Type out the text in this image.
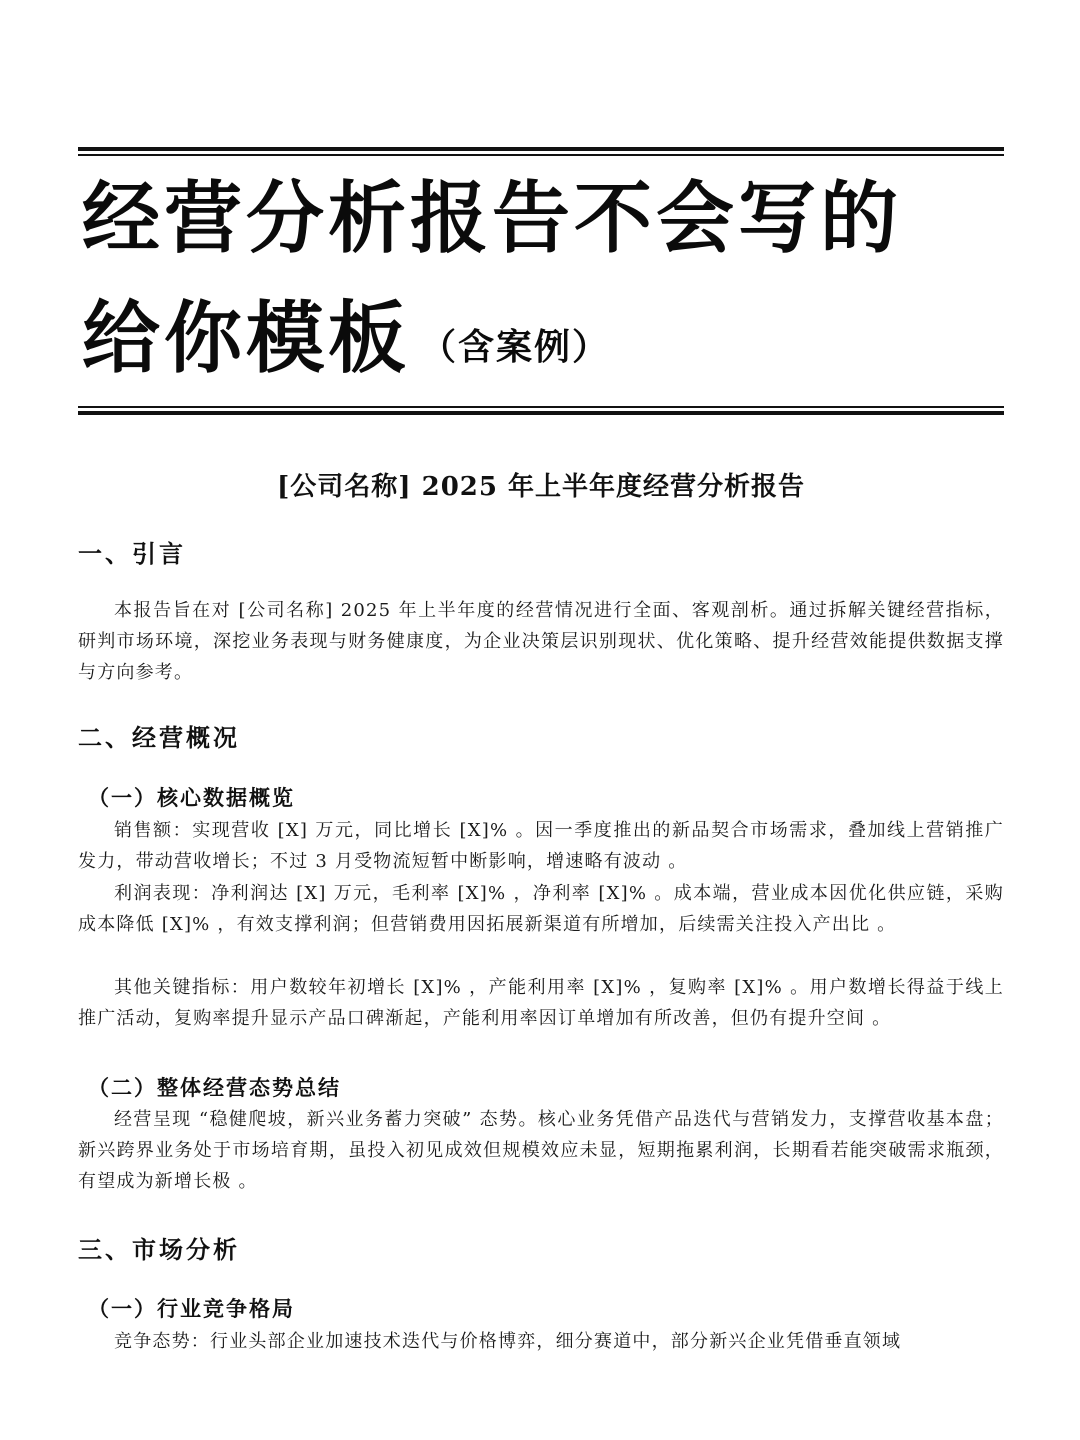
经营分析报告不会写的
给你模板 （含案例）
[公司名称] 2025 年上半年度经营分析报告
一、引言
本报告旨在对 [公司名称] 2025 年上半年度的经营情况进行全面、客观剖析。通过拆解关键经营指标，研判市场环境，深挖业务表现与财务健康度，为企业决策层识别现状、优化策略、提升经营效能提供数据支撑与方向参考。
二、经营概况
（一）核心数据概览
销售额：实现营收 [X] 万元，同比增长 [X]% 。因一季度推出的新品契合市场需求，叠加线上营销推广发力，带动营收增长；不过 3 月受物流短暂中断影响，增速略有波动 。
利润表现：净利润达 [X] 万元，毛利率 [X]% ，净利率 [X]% 。成本端，营业成本因优化供应链，采购成本降低 [X]% ，有效支撑利润；但营销费用因拓展新渠道有所增加，后续需关注投入产出比 。
其他关键指标：用户数较年初增长 [X]% ，产能利用率 [X]% ，复购率 [X]% 。用户数增长得益于线上推广活动，复购率提升显示产品口碑渐起，产能利用率因订单增加有所改善，但仍有提升空间 。
（二）整体经营态势总结
经营呈现 “稳健爬坡，新兴业务蓄力突破” 态势。核心业务凭借产品迭代与营销发力，支撑营收基本盘；新兴跨界业务处于市场培育期，虽投入初见成效但规模效应未显，短期拖累利润，长期看若能突破需求瓶颈，有望成为新增长极 。
三、市场分析
（一）行业竞争格局
竞争态势：行业头部企业加速技术迭代与价格博弈，细分赛道中，部分新兴企业凭借垂直领域
